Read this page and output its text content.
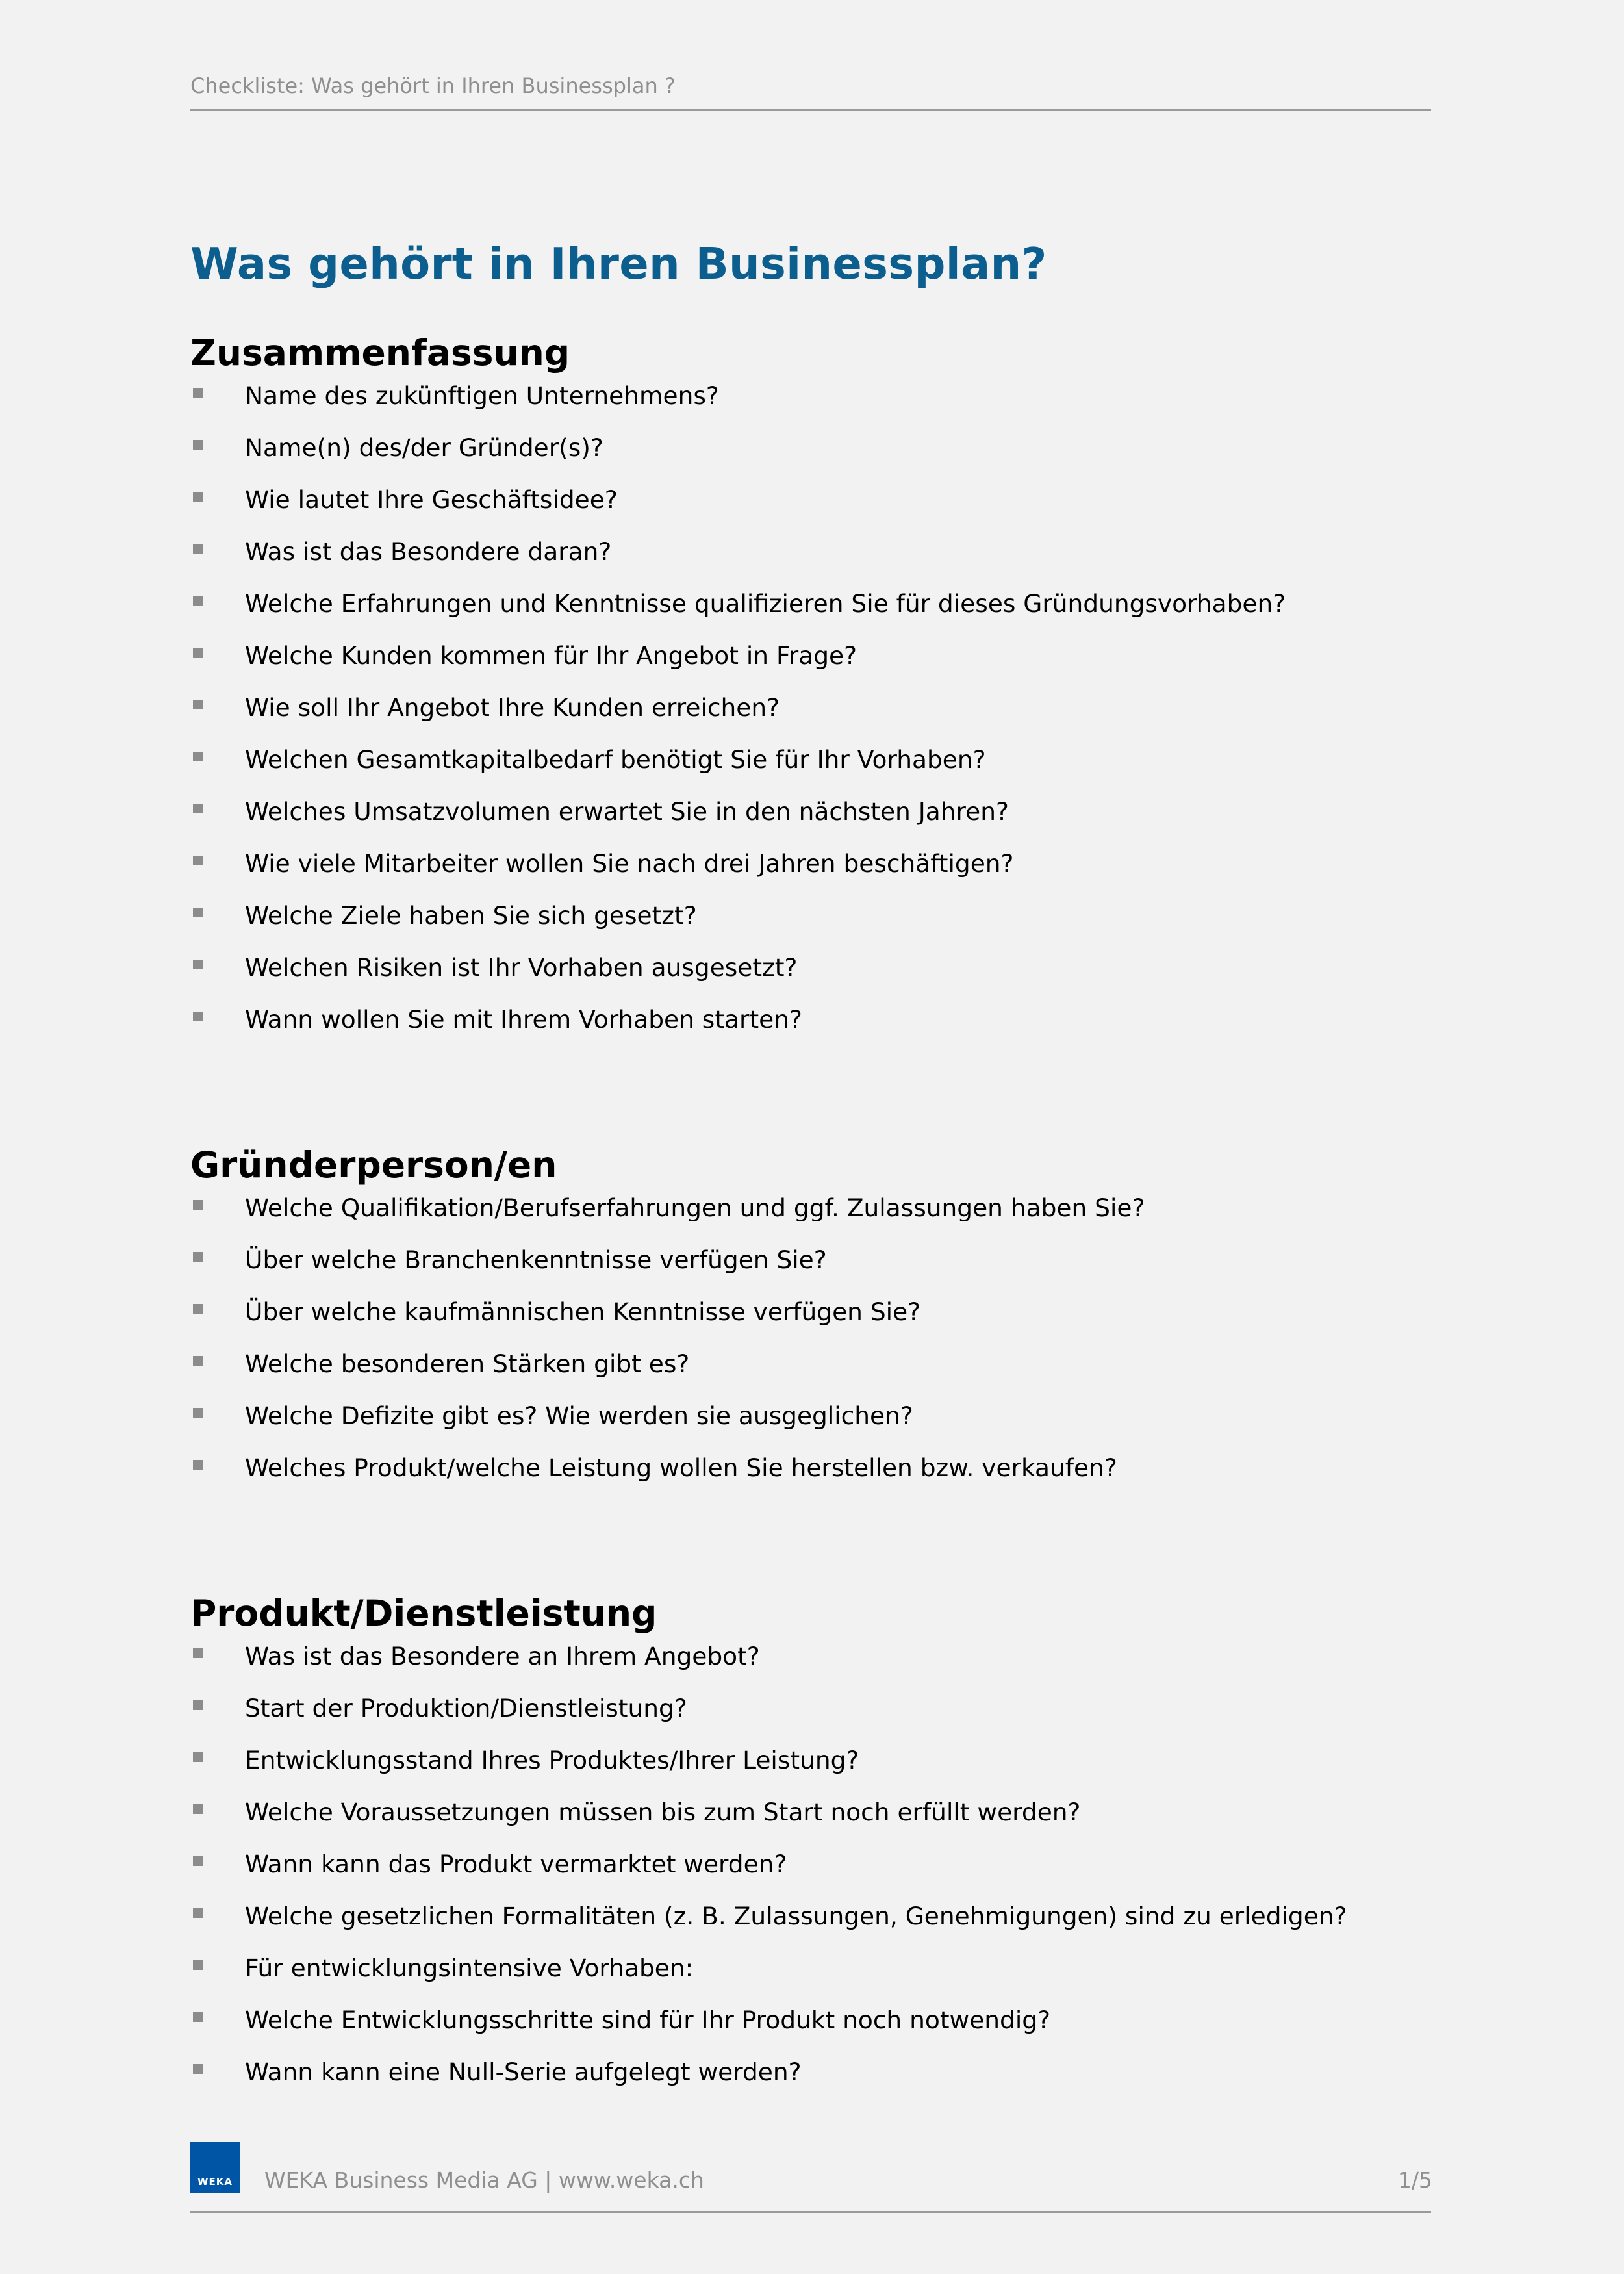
Checkliste: Was gehört in Ihren Businessplan ?
Was gehört in Ihren Businessplan?
Zusammenfassung
Name des zukünftigen Unternehmens?
Name(n) des/der Gründer(s)?
Wie lautet Ihre Geschäftsidee?
Was ist das Besondere daran?
Welche Erfahrungen und Kenntnisse qualifizieren Sie für dieses Gründungsvorhaben?
Welche Kunden kommen für Ihr Angebot in Frage?
Wie soll Ihr Angebot Ihre Kunden erreichen?
Welchen Gesamtkapitalbedarf benötigt Sie für Ihr Vorhaben?
Welches Umsatzvolumen erwartet Sie in den nächsten Jahren?
Wie viele Mitarbeiter wollen Sie nach drei Jahren beschäftigen?
Welche Ziele haben Sie sich gesetzt?
Welchen Risiken ist Ihr Vorhaben ausgesetzt?
Wann wollen Sie mit Ihrem Vorhaben starten?
Gründerperson/en
Welche Qualifikation/Berufserfahrungen und ggf. Zulassungen haben Sie?
Über welche Branchenkenntnisse verfügen Sie?
Über welche kaufmännischen Kenntnisse verfügen Sie?
Welche besonderen Stärken gibt es?
Welche Defizite gibt es? Wie werden sie ausgeglichen?
Welches Produkt/welche Leistung wollen Sie herstellen bzw. verkaufen?
Produkt/Dienstleistung
Was ist das Besondere an Ihrem Angebot?
Start der Produktion/Dienstleistung?
Entwicklungsstand Ihres Produktes/Ihrer Leistung?
Welche Voraussetzungen müssen bis zum Start noch erfüllt werden?
Wann kann das Produkt vermarktet werden?
Welche gesetzlichen Formalitäten (z. B. Zulassungen, Genehmigungen) sind zu erledigen?
Für entwicklungsintensive Vorhaben:
Welche Entwicklungsschritte sind für Ihr Produkt noch notwendig?
Wann kann eine Null-Serie aufgelegt werden?
WEKA	WEKA Business Media AG | www.weka.ch	1/5
